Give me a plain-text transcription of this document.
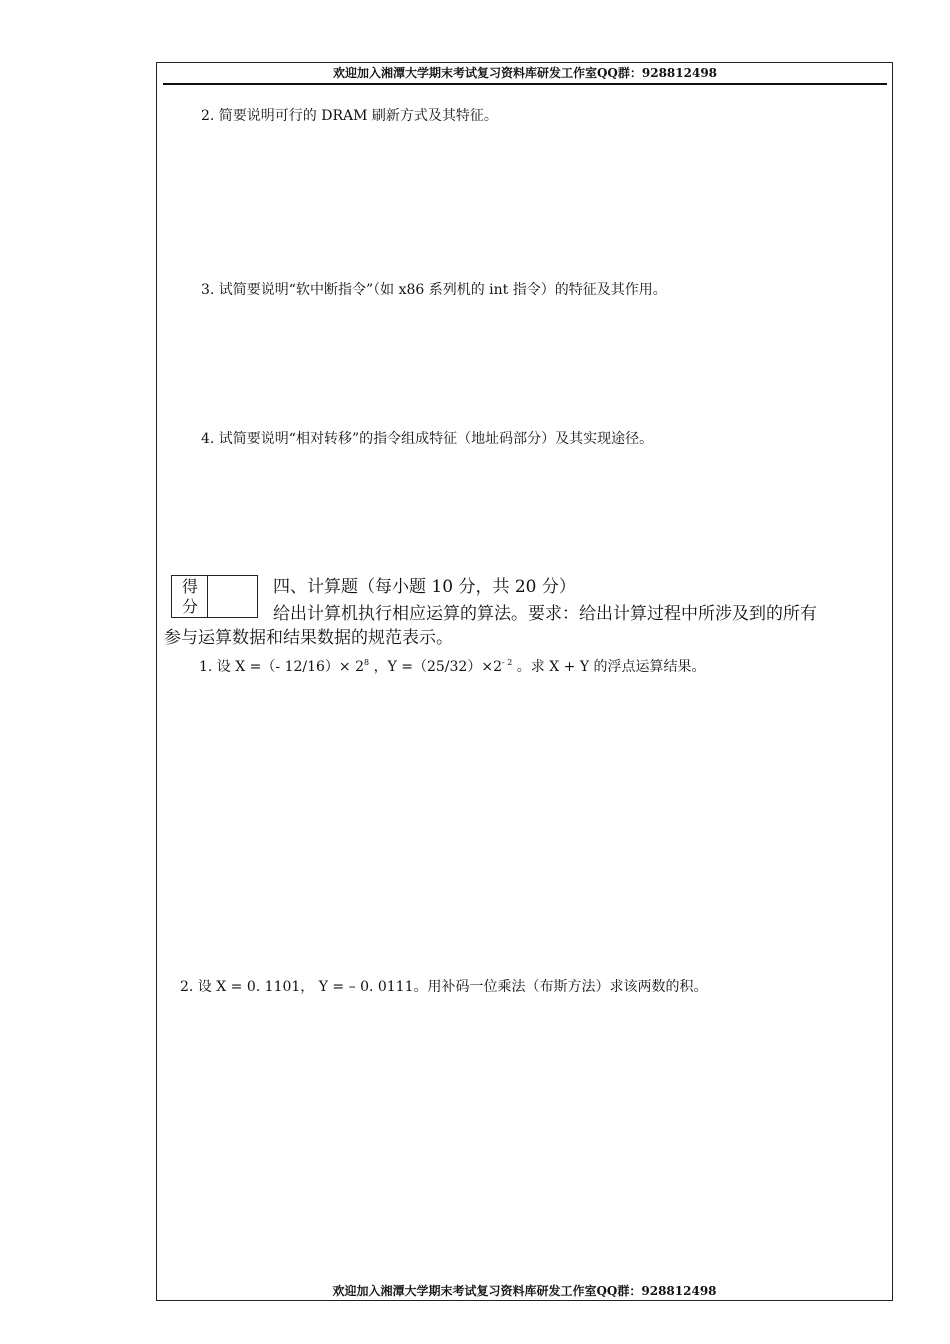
欢迎加入湘潭大学期末考试复习资料库研发工作室QQ群：928812498
2. 简要说明可行的 DRAM 刷新方式及其特征。
3. 试简要说明“软中断指令”（如 x86 系列机的 int 指令）的特征及其作用。
4. 试简要说明“相对转移”的指令组成特征（地址码部分）及其实现途径。
得
分
四、计算题（每小题 10 分，共 20 分）
给出计算机执行相应运算的算法。要求：给出计算过程中所涉及到的所有
参与运算数据和结果数据的规范表示。
1. 设 X =（- $12/16)\times 2^8$ ，$Y =(25/32)\times 2^{- 2}$ 。求 X + Y 的浮点运算结果。
2. 设 X = 0. 1101， Y = – 0. 0111。用补码一位乘法（布斯方法）求该两数的积。
欢迎加入湘潭大学期末考试复习资料库研发工作室QQ群：928812498
